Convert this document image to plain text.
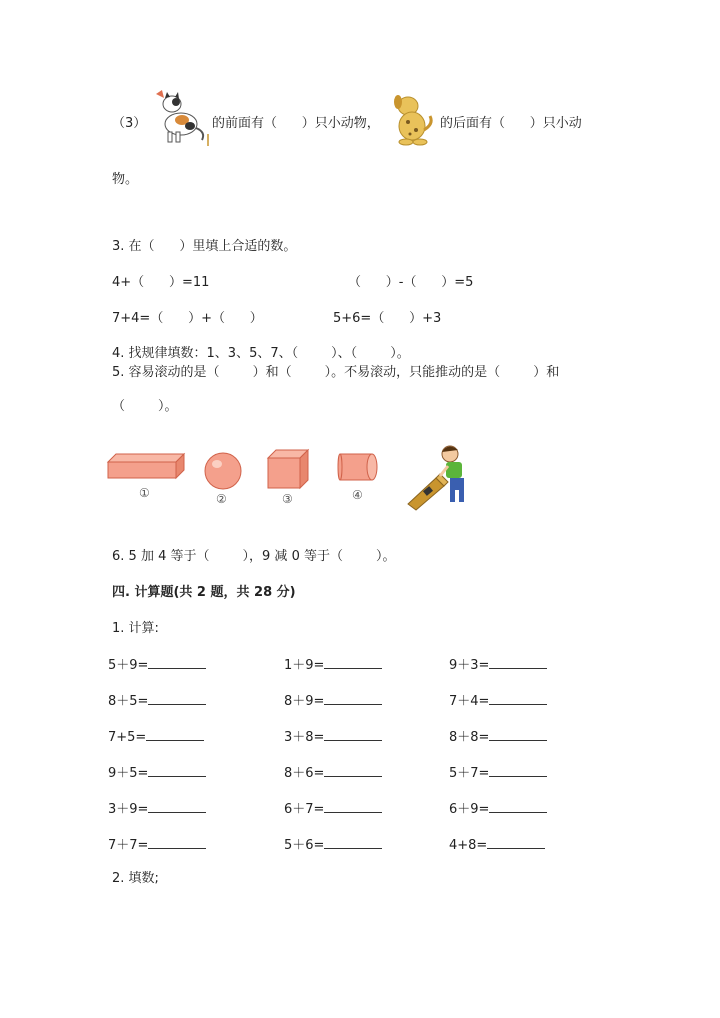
（3）	的前面有（      ）只小动物，	的后面有（      ）只小动
物。
3. 在（      ）里填上合适的数。
4+（      ）=11	（      ）-（      ）=5
7+4=（      ）+（      ）	5+6=（      ）+3
4. 找规律填数：1、3、5、7、（        ）、（        ）。
5. 容易滚动的是（        ）和（        ）。不易滚动，只能推动的是（        ）和
（        ）。
①	②	③	④
6. 5 加 4 等于（        ），9 减 0 等于（        ）。
四. 计算题(共 2 题，共 28 分)
1. 计算:
5＋9=	1＋9=	9＋3=
8＋5=	8＋9=	7＋4=
7+5=	3＋8=	8＋8=
9＋5=	8＋6=	5＋7=
3＋9=	6＋7=	6＋9=
7＋7=	5＋6=	4+8=
2. 填数;
